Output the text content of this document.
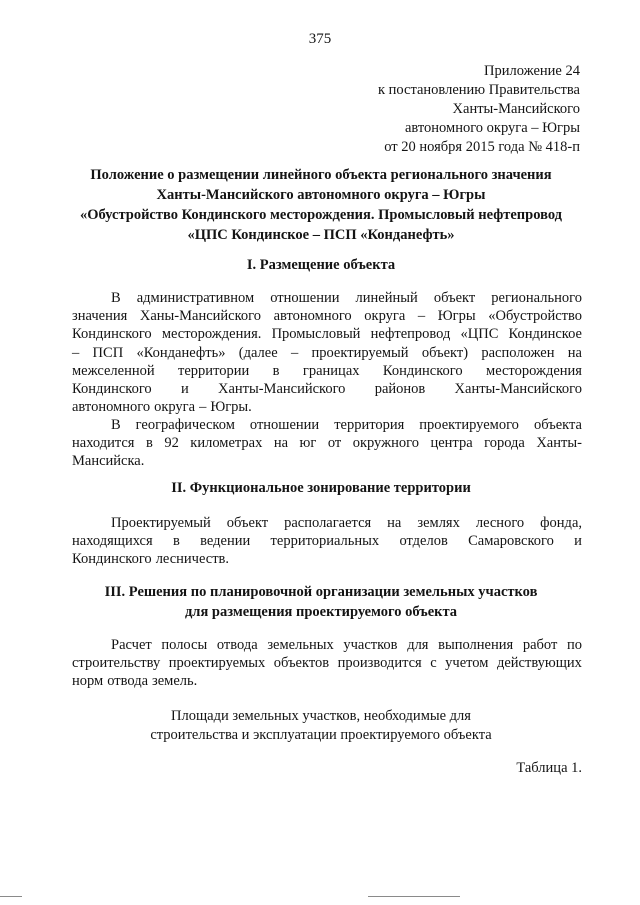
375
Приложение 24
к постановлению Правительства
Ханты-Мансийского
автономного округа – Югры
от 20 ноября 2015 года № 418-п
Положение о размещении линейного объекта регионального значения
Ханты-Мансийского автономного округа – Югры
«Обустройство Кондинского месторождения. Промысловый нефтепровод
«ЦПС Кондинское – ПСП «Конданефть»
I. Размещение объекта
В административном отношении линейный объект регионального
значения Ханы-Мансийского автономного округа – Югры «Обустройство
Кондинского месторождения. Промысловый нефтепровод «ЦПС Кондинское
– ПСП «Конданефть» (далее – проектируемый объект) расположен на
межселенной территории в границах Кондинского месторождения
Кондинского и Ханты-Мансийского районов Ханты-Мансийского
автономного округа – Югры.
В географическом отношении территория проектируемого объекта
находится в 92 километрах на юг от окружного центра города Ханты-
Мансийска.
II. Функциональное зонирование территории
Проектируемый объект располагается на землях лесного фонда,
находящихся в ведении территориальных отделов Самаровского и
Кондинского лесничеств.
III. Решения по планировочной организации земельных участков
для размещения проектируемого объекта
Расчет полосы отвода земельных участков для выполнения работ по
строительству проектируемых объектов производится с учетом действующих
норм отвода земель.
Площади земельных участков, необходимые для
строительства и эксплуатации проектируемого объекта
Таблица 1.
